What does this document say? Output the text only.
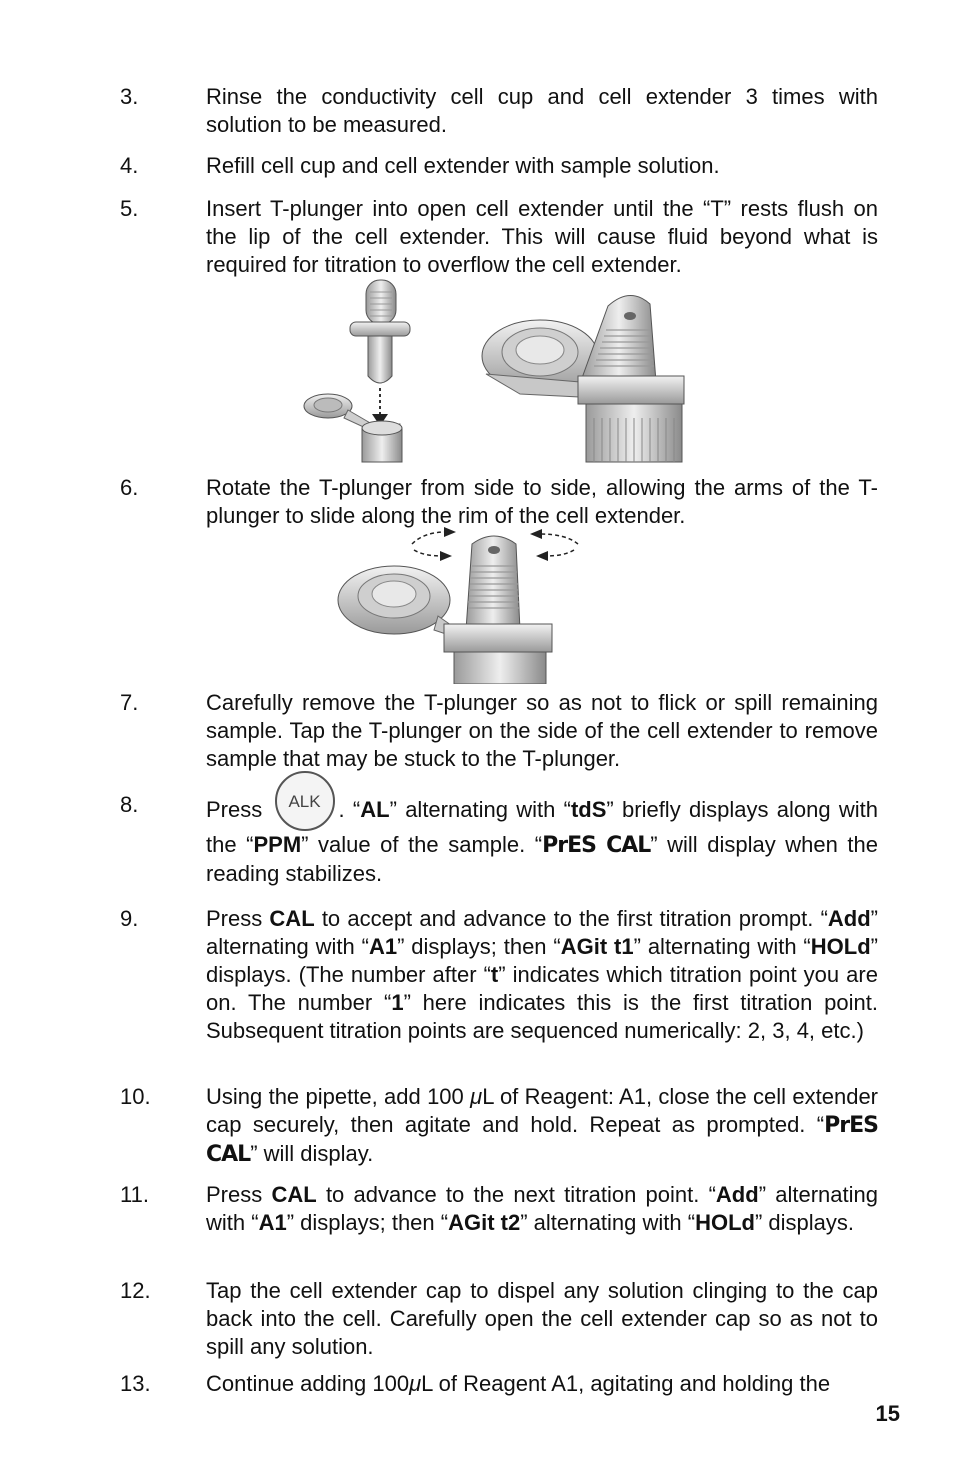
3.	Rinse the conductivity cell cup and cell extender 3 times with solution to be measured.
4.	Refill cell cup and cell extender with sample solution.
5.	Insert T-plunger into open cell extender until the “T” rests flush on the lip of the cell extender. This will cause fluid beyond what is required for titration to overflow the cell extender.
6.	Rotate the T-plunger from side to side, allowing the arms of the T-plunger to slide along the rim of the cell extender.
7.	Carefully remove the T-plunger so as not to flick or spill remaining sample. Tap the T-plunger on the side of the cell extender to remove sample that may be stuck to the T-plunger.
8.	Press ALK . “AL” alternating with “tdS” briefly displays along with the “PPM” value of the sample. “PrES CAL” will display when the reading stabilizes.
9.	Press CAL to accept and advance to the first titration prompt. “Add” alternating with “A1” displays; then “AGit t1” alternating with “HOLd” displays. (The number after “t” indicates which titration point you are on. The number “1” here indicates this is the first titration point. Subsequent titration points are sequenced numerically: 2, 3, 4, etc.)
10.	Using the pipette, add 100 μL of Reagent: A1, close the cell extender cap securely, then agitate and hold. Repeat as prompted. “PrES CAL” will display.
11.	Press CAL to advance to the next titration point. “Add” alternating with “A1” displays; then “AGit t2” alternating with “HOLd” displays.
12.	Tap the cell extender cap to dispel any solution clinging to the cap back into the cell. Carefully open the cell extender cap so as not to spill any solution.
13.	Continue adding 100μL of Reagent A1, agitating and holding the
15
